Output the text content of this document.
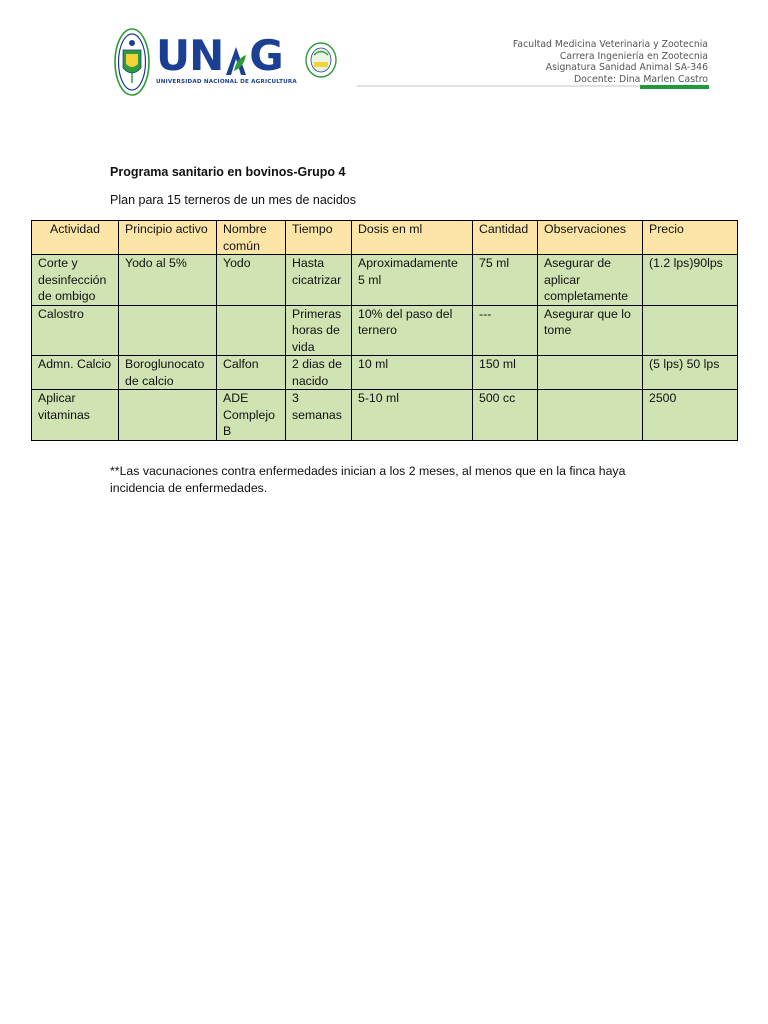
UN G
UNIVERSIDAD NACIONAL DE AGRICULTURA
Facultad Medicina Veterinaria y Zootecnia
Carrera Ingeniería en Zootecnia
Asignatura Sanidad Animal SA-346
Docente: Dina Marlen Castro
Programa sanitario en bovinos-Grupo 4
Plan para 15 terneros de un mes de nacidos
Actividad	Principio activo	Nombre común	Tiempo	Dosis en ml	Cantidad	Observaciones	Precio
Corte y desinfección de ombigo	Yodo al 5%	Yodo	Hasta cicatrizar	Aproximadamente 5 ml	75 ml	Asegurar de aplicar completamente	(1.2 lps)90lps
Calostro			Primeras horas de vida	10% del paso del ternero	---	Asegurar que lo tome	
Admn. Calcio	Boroglunocato de calcio	Calfon	2 dias de nacido	10 ml	150 ml		(5 lps) 50 lps
Aplicar vitaminas		ADE Complejo B	3 semanas	5-10 ml	500 cc		2500
**Las vacunaciones contra enfermedades inician a los 2 meses, al menos que en la finca haya incidencia de enfermedades.
